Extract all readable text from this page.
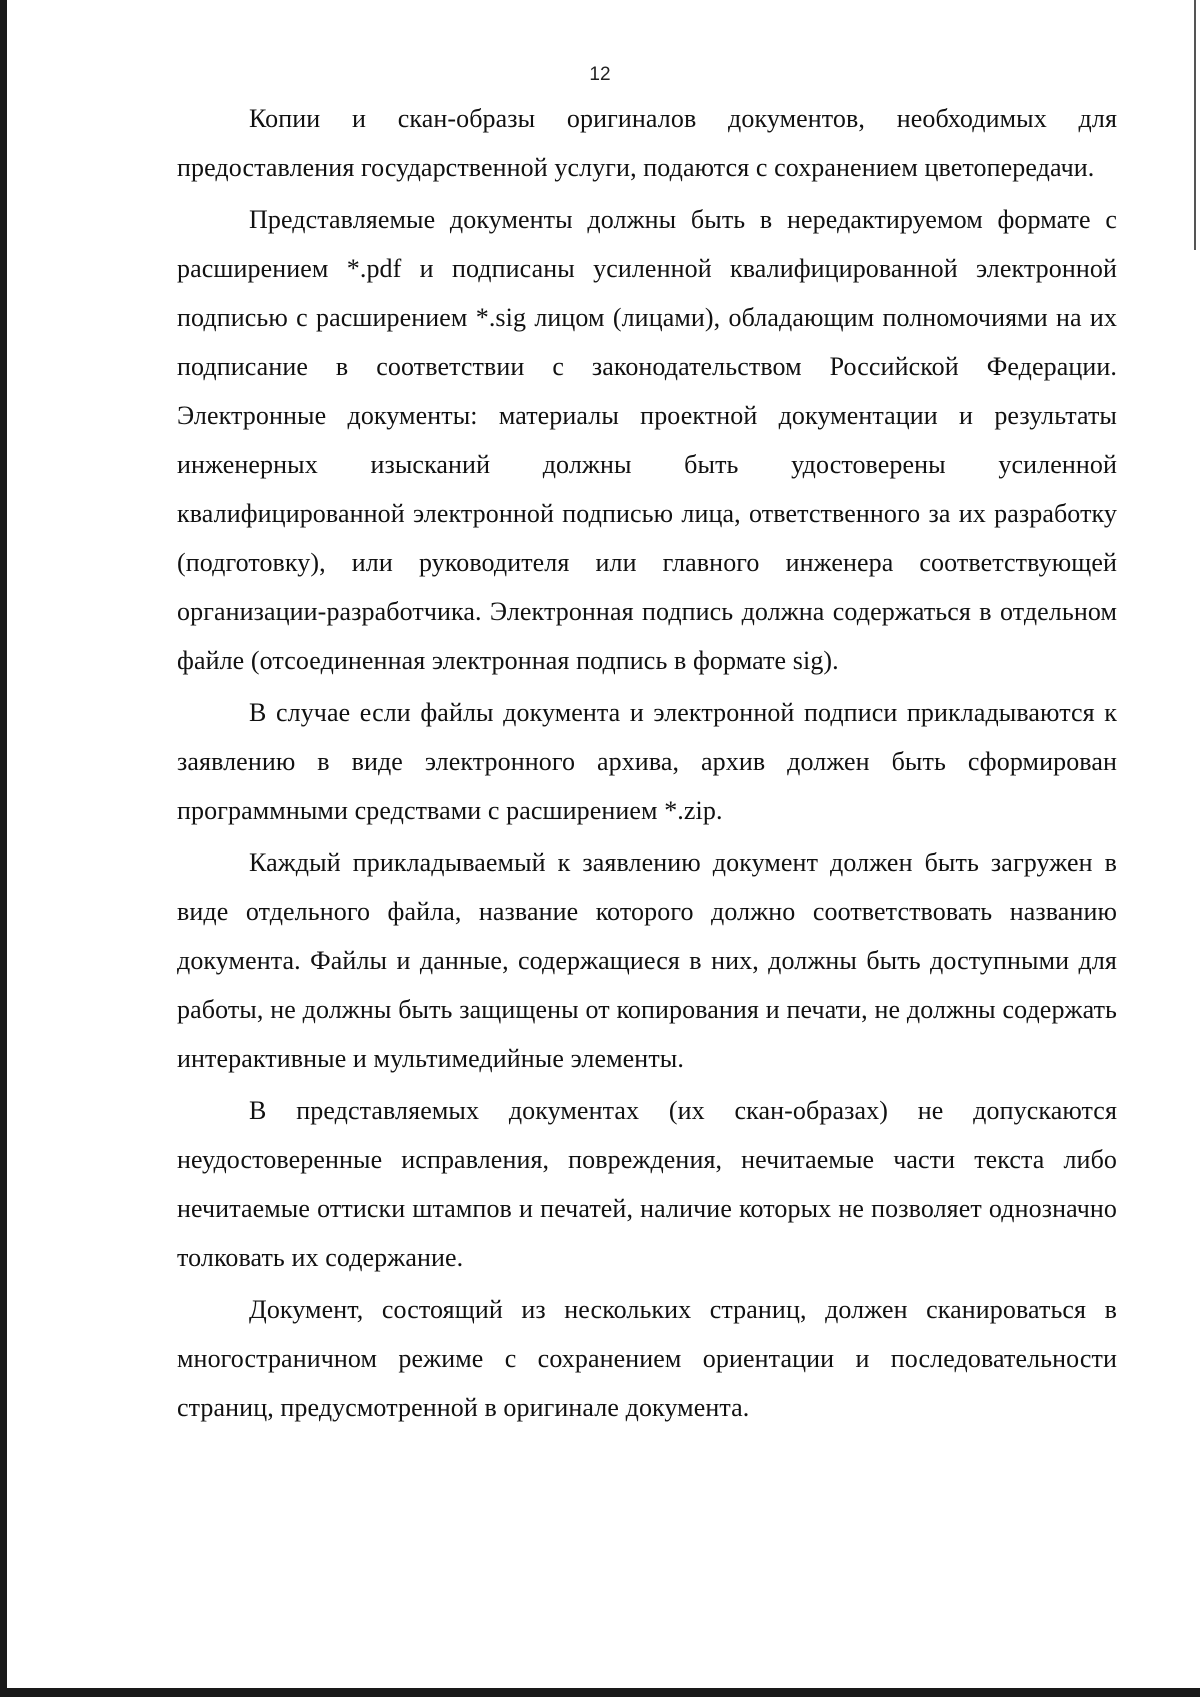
12

Копии и скан-образы оригиналов документов, необходимых для предоставления государственной услуги, подаются с сохранением цветопередачи.

Представляемые документы должны быть в нередактируемом формате с расширением *.pdf и подписаны усиленной квалифицированной электронной подписью с расширением *.sig лицом (лицами), обладающим полномочиями на их подписание в соответствии с законодательством Российской Федерации. Электронные документы: материалы проектной документации и результаты инженерных изысканий должны быть удостоверены усиленной квалифицированной электронной подписью лица, ответственного за их разработку (подготовку), или руководителя или главного инженера соответствующей организации-разработчика. Электронная подпись должна содержаться в отдельном файле (отсоединенная электронная подпись в формате sig).

В случае если файлы документа и электронной подписи прикладываются к заявлению в виде электронного архива, архив должен быть сформирован программными средствами с расширением *.zip.

Каждый прикладываемый к заявлению документ должен быть загружен в виде отдельного файла, название которого должно соответствовать названию документа. Файлы и данные, содержащиеся в них, должны быть доступными для работы, не должны быть защищены от копирования и печати, не должны содержать интерактивные и мультимедийные элементы.

В представляемых документах (их скан-образах) не допускаются неудостоверенные исправления, повреждения, нечитаемые части текста либо нечитаемые оттиски штампов и печатей, наличие которых не позволяет однозначно толковать их содержание.

Документ, состоящий из нескольких страниц, должен сканироваться в многостраничном режиме с сохранением ориентации и последовательности страниц, предусмотренной в оригинале документа.
